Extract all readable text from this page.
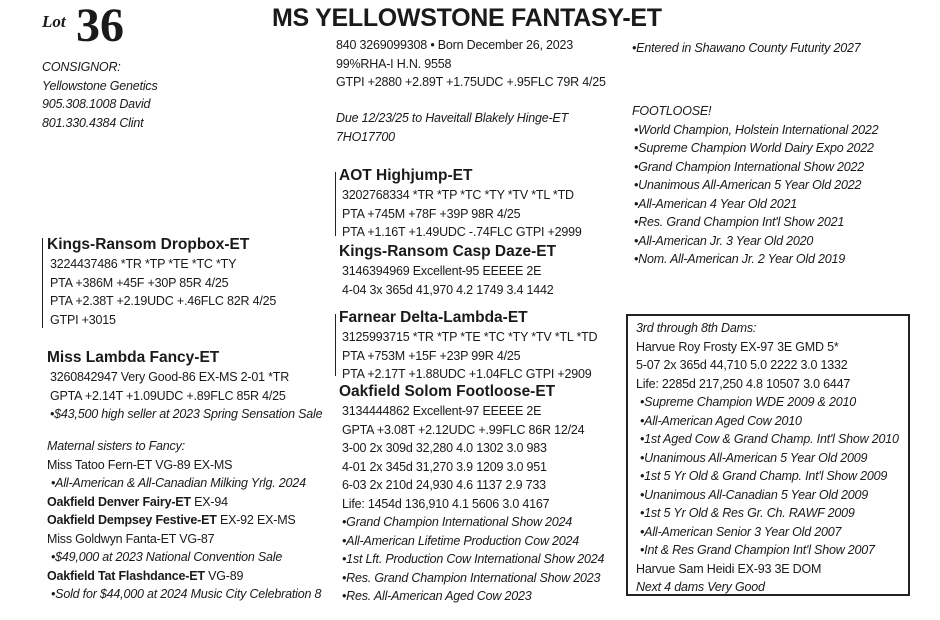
Lot 36	MS YELLOWSTONE FANTASY-ET
CONSIGNOR:
Yellowstone Genetics
905.308.1008 David
801.330.4384 Clint
840 3269099308 • Born December 26, 2023
99%RHA-I H.N. 9558
GTPI +2880 +2.89T +1.75UDC +.95FLC 79R 4/25
Due 12/23/25 to Haveitall Blakely Hinge-ET
7HO17700
•Entered in Shawano County Futurity 2027
Kings-Ransom Dropbox-ET
3224437486 *TR *TP *TE *TC *TY
PTA +386M +45F +30P 85R 4/25
PTA +2.38T +2.19UDC +.46FLC 82R 4/25
GTPI +3015
Miss Lambda Fancy-ET
3260842947 Very Good-86 EX-MS 2-01 *TR
GPTA +2.14T +1.09UDC +.89FLC 85R 4/25
•$43,500 high seller at 2023 Spring Sensation Sale
Maternal sisters to Fancy:
Miss Tatoo Fern-ET VG-89 EX-MS
•All-American & All-Canadian Milking Yrlg. 2024
Oakfield Denver Fairy-ET EX-94
Oakfield Dempsey Festive-ET EX-92 EX-MS
Miss Goldwyn Fanta-ET VG-87
•$49,000 at 2023 National Convention Sale
Oakfield Tat Flashdance-ET VG-89
•Sold for $44,000 at 2024 Music City Celebration 8
AOT Highjump-ET
3202768334 *TR *TP *TC *TY *TV *TL *TD
PTA +745M +78F +39P 98R 4/25
PTA +1.16T +1.49UDC -.74FLC GTPI +2999
Kings-Ransom Casp Daze-ET
3146394969 Excellent-95 EEEEE 2E
4-04 3x 365d 41,970 4.2 1749 3.4 1442
Farnear Delta-Lambda-ET
3125993715 *TR *TP *TE *TC *TY *TV *TL *TD
PTA +753M +15F +23P 99R 4/25
PTA +2.17T +1.88UDC +1.04FLC GTPI +2909
Oakfield Solom Footloose-ET
3134444862 Excellent-97 EEEEE 2E
GPTA +3.08T +2.12UDC +.99FLC 86R 12/24
3-00 2x 309d 32,280 4.0 1302 3.0 983
4-01 2x 345d 31,270 3.9 1209 3.0 951
6-03 2x 210d 24,930 4.6 1137 2.9 733
Life: 1454d 136,910 4.1 5606 3.0 4167
•Grand Champion International Show 2024
•All-American Lifetime Production Cow 2024
•1st Lft. Production Cow International Show 2024
•Res. Grand Champion International Show 2023
•Res. All-American Aged Cow 2023
FOOTLOOSE!
•World Champion, Holstein International 2022
•Supreme Champion World Dairy Expo 2022
•Grand Champion International Show 2022
•Unanimous All-American 5 Year Old 2022
•All-American 4 Year Old 2021
•Res. Grand Champion Int'l Show 2021
•All-American Jr. 3 Year Old 2020
•Nom. All-American Jr. 2 Year Old 2019
3rd through 8th Dams:
Harvue Roy Frosty EX-97 3E GMD 5*
5-07 2x 365d 44,710 5.0 2222 3.0 1332
Life: 2285d 217,250 4.8 10507 3.0 6447
•Supreme Champion WDE 2009 & 2010
•All-American Aged Cow 2010
•1st Aged Cow & Grand Champ. Int'l Show 2010
•Unanimous All-American 5 Year Old 2009
•1st 5 Yr Old & Grand Champ. Int'l Show 2009
•Unanimous All-Canadian 5 Year Old 2009
•1st 5 Yr Old & Res Gr. Ch. RAWF 2009
•All-American Senior 3 Year Old 2007
•Int & Res Grand Champion Int'l Show 2007
Harvue Sam Heidi EX-93 3E DOM
Next 4 dams Very Good
